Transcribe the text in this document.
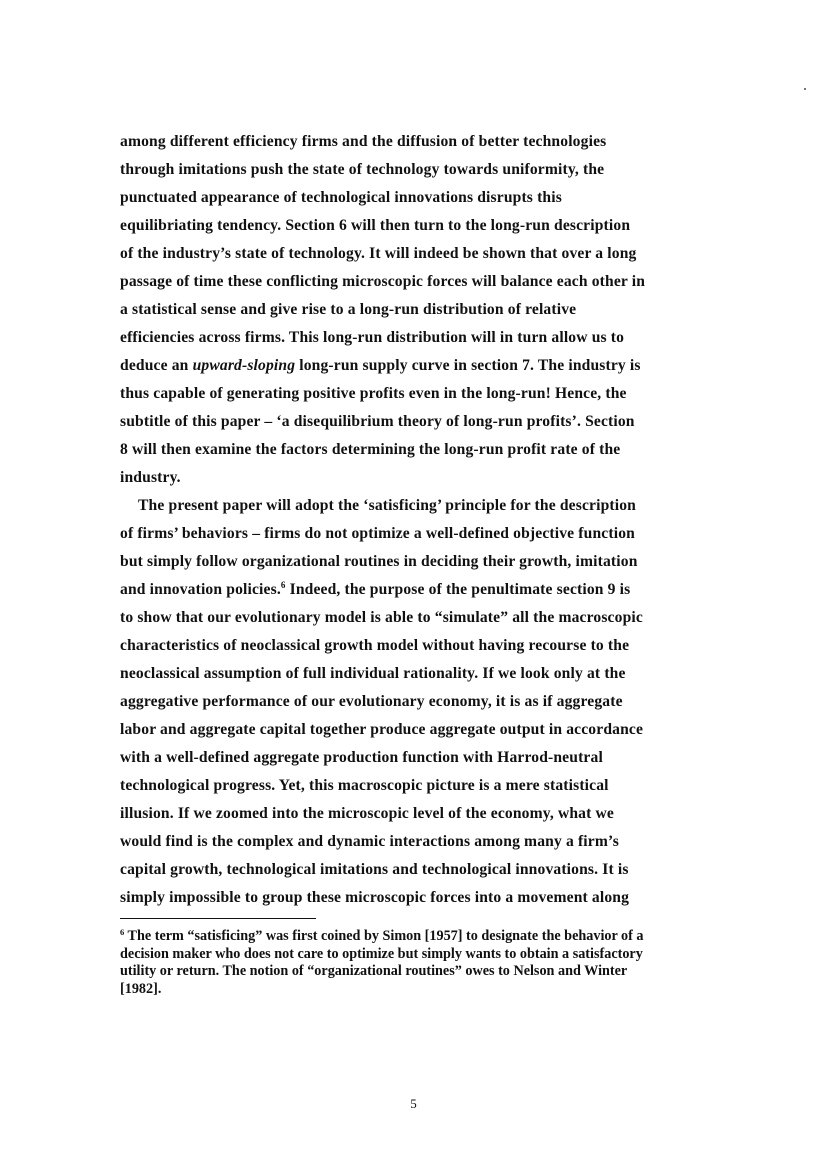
among different efficiency firms and the diffusion of better technologies
through imitations push the state of technology towards uniformity, the
punctuated appearance of technological innovations disrupts this
equilibriating tendency. Section 6 will then turn to the long-run description
of the industry’s state of technology. It will indeed be shown that over a long
passage of time these conflicting microscopic forces will balance each other in
a statistical sense and give rise to a long-run distribution of relative
efficiencies across firms. This long-run distribution will in turn allow us to
deduce an upward-sloping long-run supply curve in section 7. The industry is
thus capable of generating positive profits even in the long-run! Hence, the
subtitle of this paper – ‘a disequilibrium theory of long-run profits’. Section
8 will then examine the factors determining the long-run profit rate of the
industry.
The present paper will adopt the ‘satisficing’ principle for the description
of firms’ behaviors – firms do not optimize a well-defined objective function
but simply follow organizational routines in deciding their growth, imitation
and innovation policies.$^6$ Indeed, the purpose of the penultimate section 9 is
to show that our evolutionary model is able to “simulate” all the macroscopic
characteristics of neoclassical growth model without having recourse to the
neoclassical assumption of full individual rationality. If we look only at the
aggregative performance of our evolutionary economy, it is as if aggregate
labor and aggregate capital together produce aggregate output in accordance
with a well-defined aggregate production function with Harrod-neutral
technological progress. Yet, this macroscopic picture is a mere statistical
illusion. If we zoomed into the microscopic level of the economy, what we
would find is the complex and dynamic interactions among many a firm’s
capital growth, technological imitations and technological innovations. It is
simply impossible to group these microscopic forces into a movement along
$^6$ The term “satisficing” was first coined by Simon [1957] to designate the behavior of a
decision maker who does not care to optimize but simply wants to obtain a satisfactory
utility or return. The notion of “organizational routines” owes to Nelson and Winter
[1982].
5
